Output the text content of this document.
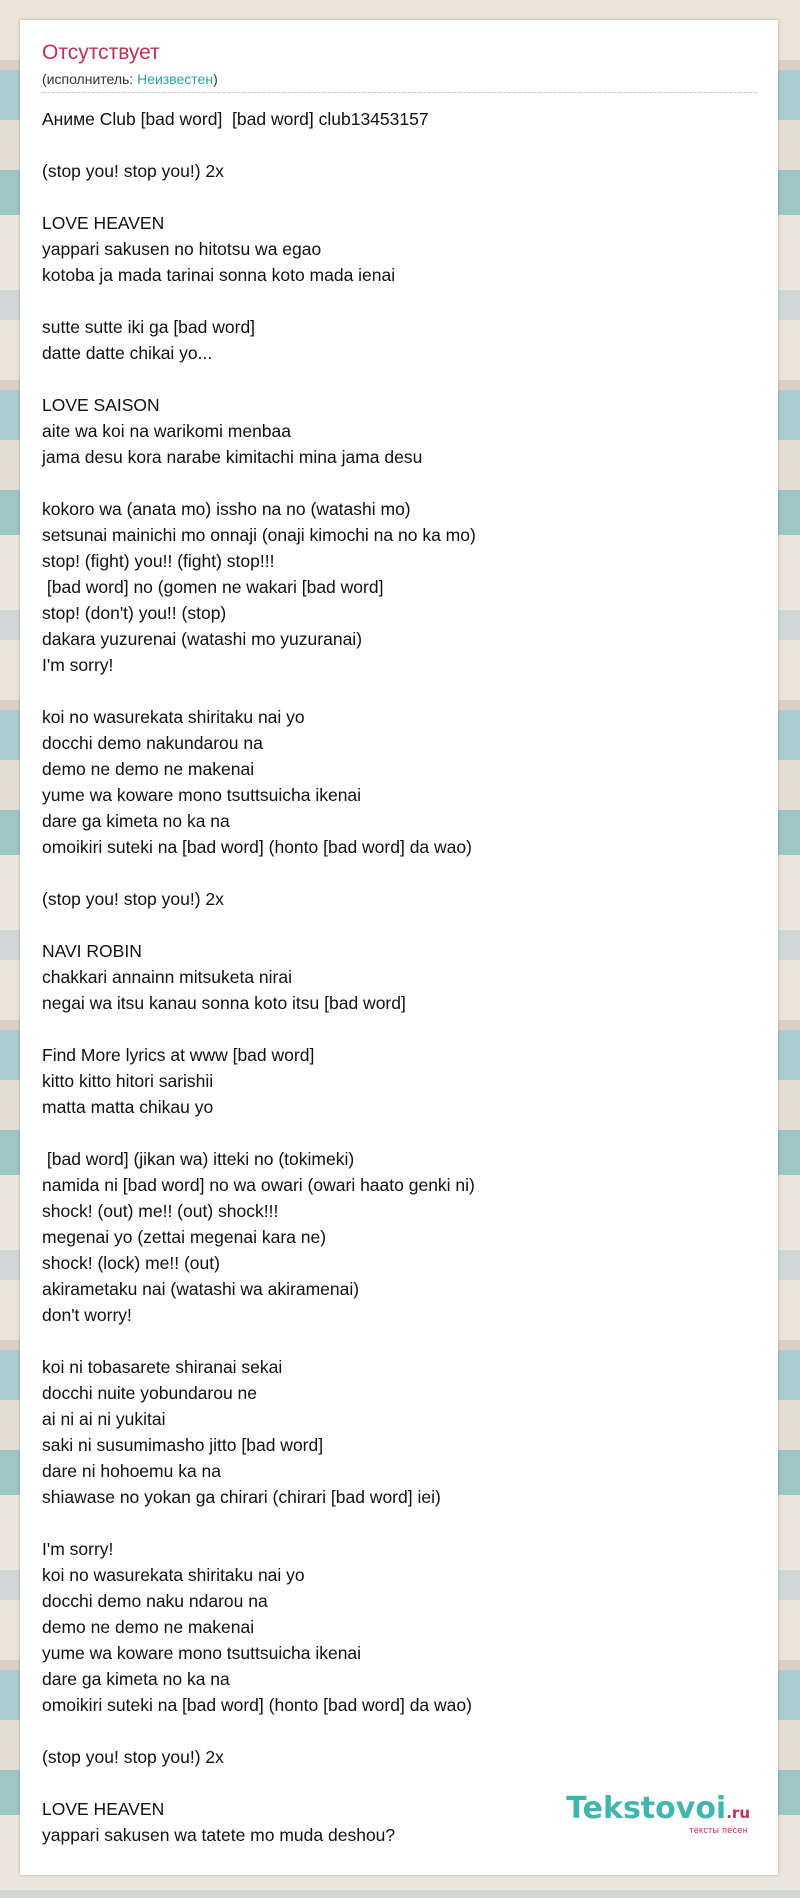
Отсутствует
(исполнитель: Неизвестен)
Аниме Club [bad word]  [bad word] club13453157

(stop you! stop you!) 2x

LOVE HEAVEN
yappari sakusen no hitotsu wa egao
kotoba ja mada tarinai sonna koto mada ienai

sutte sutte iki ga [bad word]
datte datte chikai yo...

LOVE SAISON
aite wa koi na warikomi menbaa
jama desu kora narabe kimitachi mina jama desu

kokoro wa (anata mo) issho na no (watashi mo)
setsunai mainichi mo onnaji (onaji kimochi na no ka mo)
stop! (fight) you!! (fight) stop!!!
[bad word] no (gomen ne wakari [bad word]
stop! (don't) you!! (stop)
dakara yuzurenai (watashi mo yuzuranai)
I'm sorry!

koi no wasurekata shiritaku nai yo
docchi demo nakundarou na
demo ne demo ne makenai
yume wa koware mono tsuttsuicha ikenai
dare ga kimeta no ka na
omoikiri suteki na [bad word] (honto [bad word] da wao)

(stop you! stop you!) 2x

NAVI ROBIN
chakkari annainn mitsuketa nirai
negai wa itsu kanau sonna koto itsu [bad word]

Find More lyrics at www [bad word]
kitto kitto hitori sarishii
matta matta chikau yo

[bad word] (jikan wa) itteki no (tokimeki)
namida ni [bad word] no wa owari (owari haato genki ni)
shock! (out) me!! (out) shock!!!
megenai yo (zettai megenai kara ne)
shock! (lock) me!! (out)
akirametaku nai (watashi wa akiramenai)
don't worry!

koi ni tobasarete shiranai sekai
docchi nuite yobundarou ne
ai ni ai ni yukitai
saki ni susumimasho jitto [bad word]
dare ni hohoemu ka na
shiawase no yokan ga chirari (chirari [bad word] iei)

I'm sorry!
koi no wasurekata shiritaku nai yo
docchi demo naku ndarou na
demo ne demo ne makenai
yume wa koware mono tsuttsuicha ikenai
dare ga kimeta no ka na
omoikiri suteki na [bad word] (honto [bad word] da wao)

(stop you! stop you!) 2x

LOVE HEAVEN
yappari sakusen wa tatete mo muda deshou?
Tekstovoi.ru
тексты песен
